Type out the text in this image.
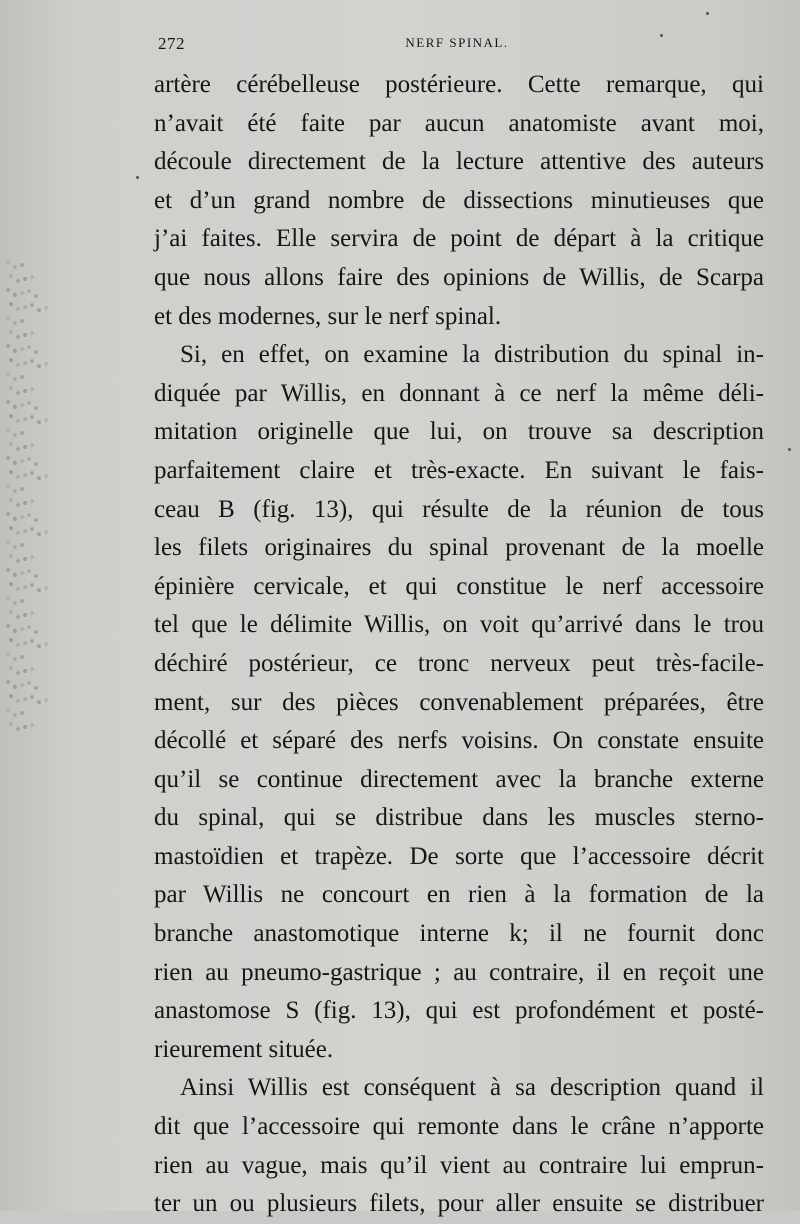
272	NERF SPINAL.
artère cérébelleuse postérieure. Cette remarque, qui
n’avait été faite par aucun anatomiste avant moi,
découle directement de la lecture attentive des auteurs
et d’un grand nombre de dissections minutieuses que
j’ai faites. Elle servira de point de départ à la critique
que nous allons faire des opinions de Willis, de Scarpa
et des modernes, sur le nerf spinal.
Si, en effet, on examine la distribution du spinal in-
diquée par Willis, en donnant à ce nerf la même déli-
mitation originelle que lui, on trouve sa description
parfaitement claire et très-exacte. En suivant le fais-
ceau B (fig. 13), qui résulte de la réunion de tous
les filets originaires du spinal provenant de la moelle
épinière cervicale, et qui constitue le nerf accessoire
tel que le délimite Willis, on voit qu’arrivé dans le trou
déchiré postérieur, ce tronc nerveux peut très-facile-
ment, sur des pièces convenablement préparées, être
décollé et séparé des nerfs voisins. On constate ensuite
qu’il se continue directement avec la branche externe
du spinal, qui se distribue dans les muscles sterno-
mastoïdien et trapèze. De sorte que l’accessoire décrit
par Willis ne concourt en rien à la formation de la
branche anastomotique interne k; il ne fournit donc
rien au pneumo-gastrique ; au contraire, il en reçoit une
anastomose S (fig. 13), qui est profondément et posté-
rieurement située.
Ainsi Willis est conséquent à sa description quand il
dit que l’accessoire qui remonte dans le crâne n’apporte
rien au vague, mais qu’il vient au contraire lui emprun-
ter un ou plusieurs filets, pour aller ensuite se distribuer
